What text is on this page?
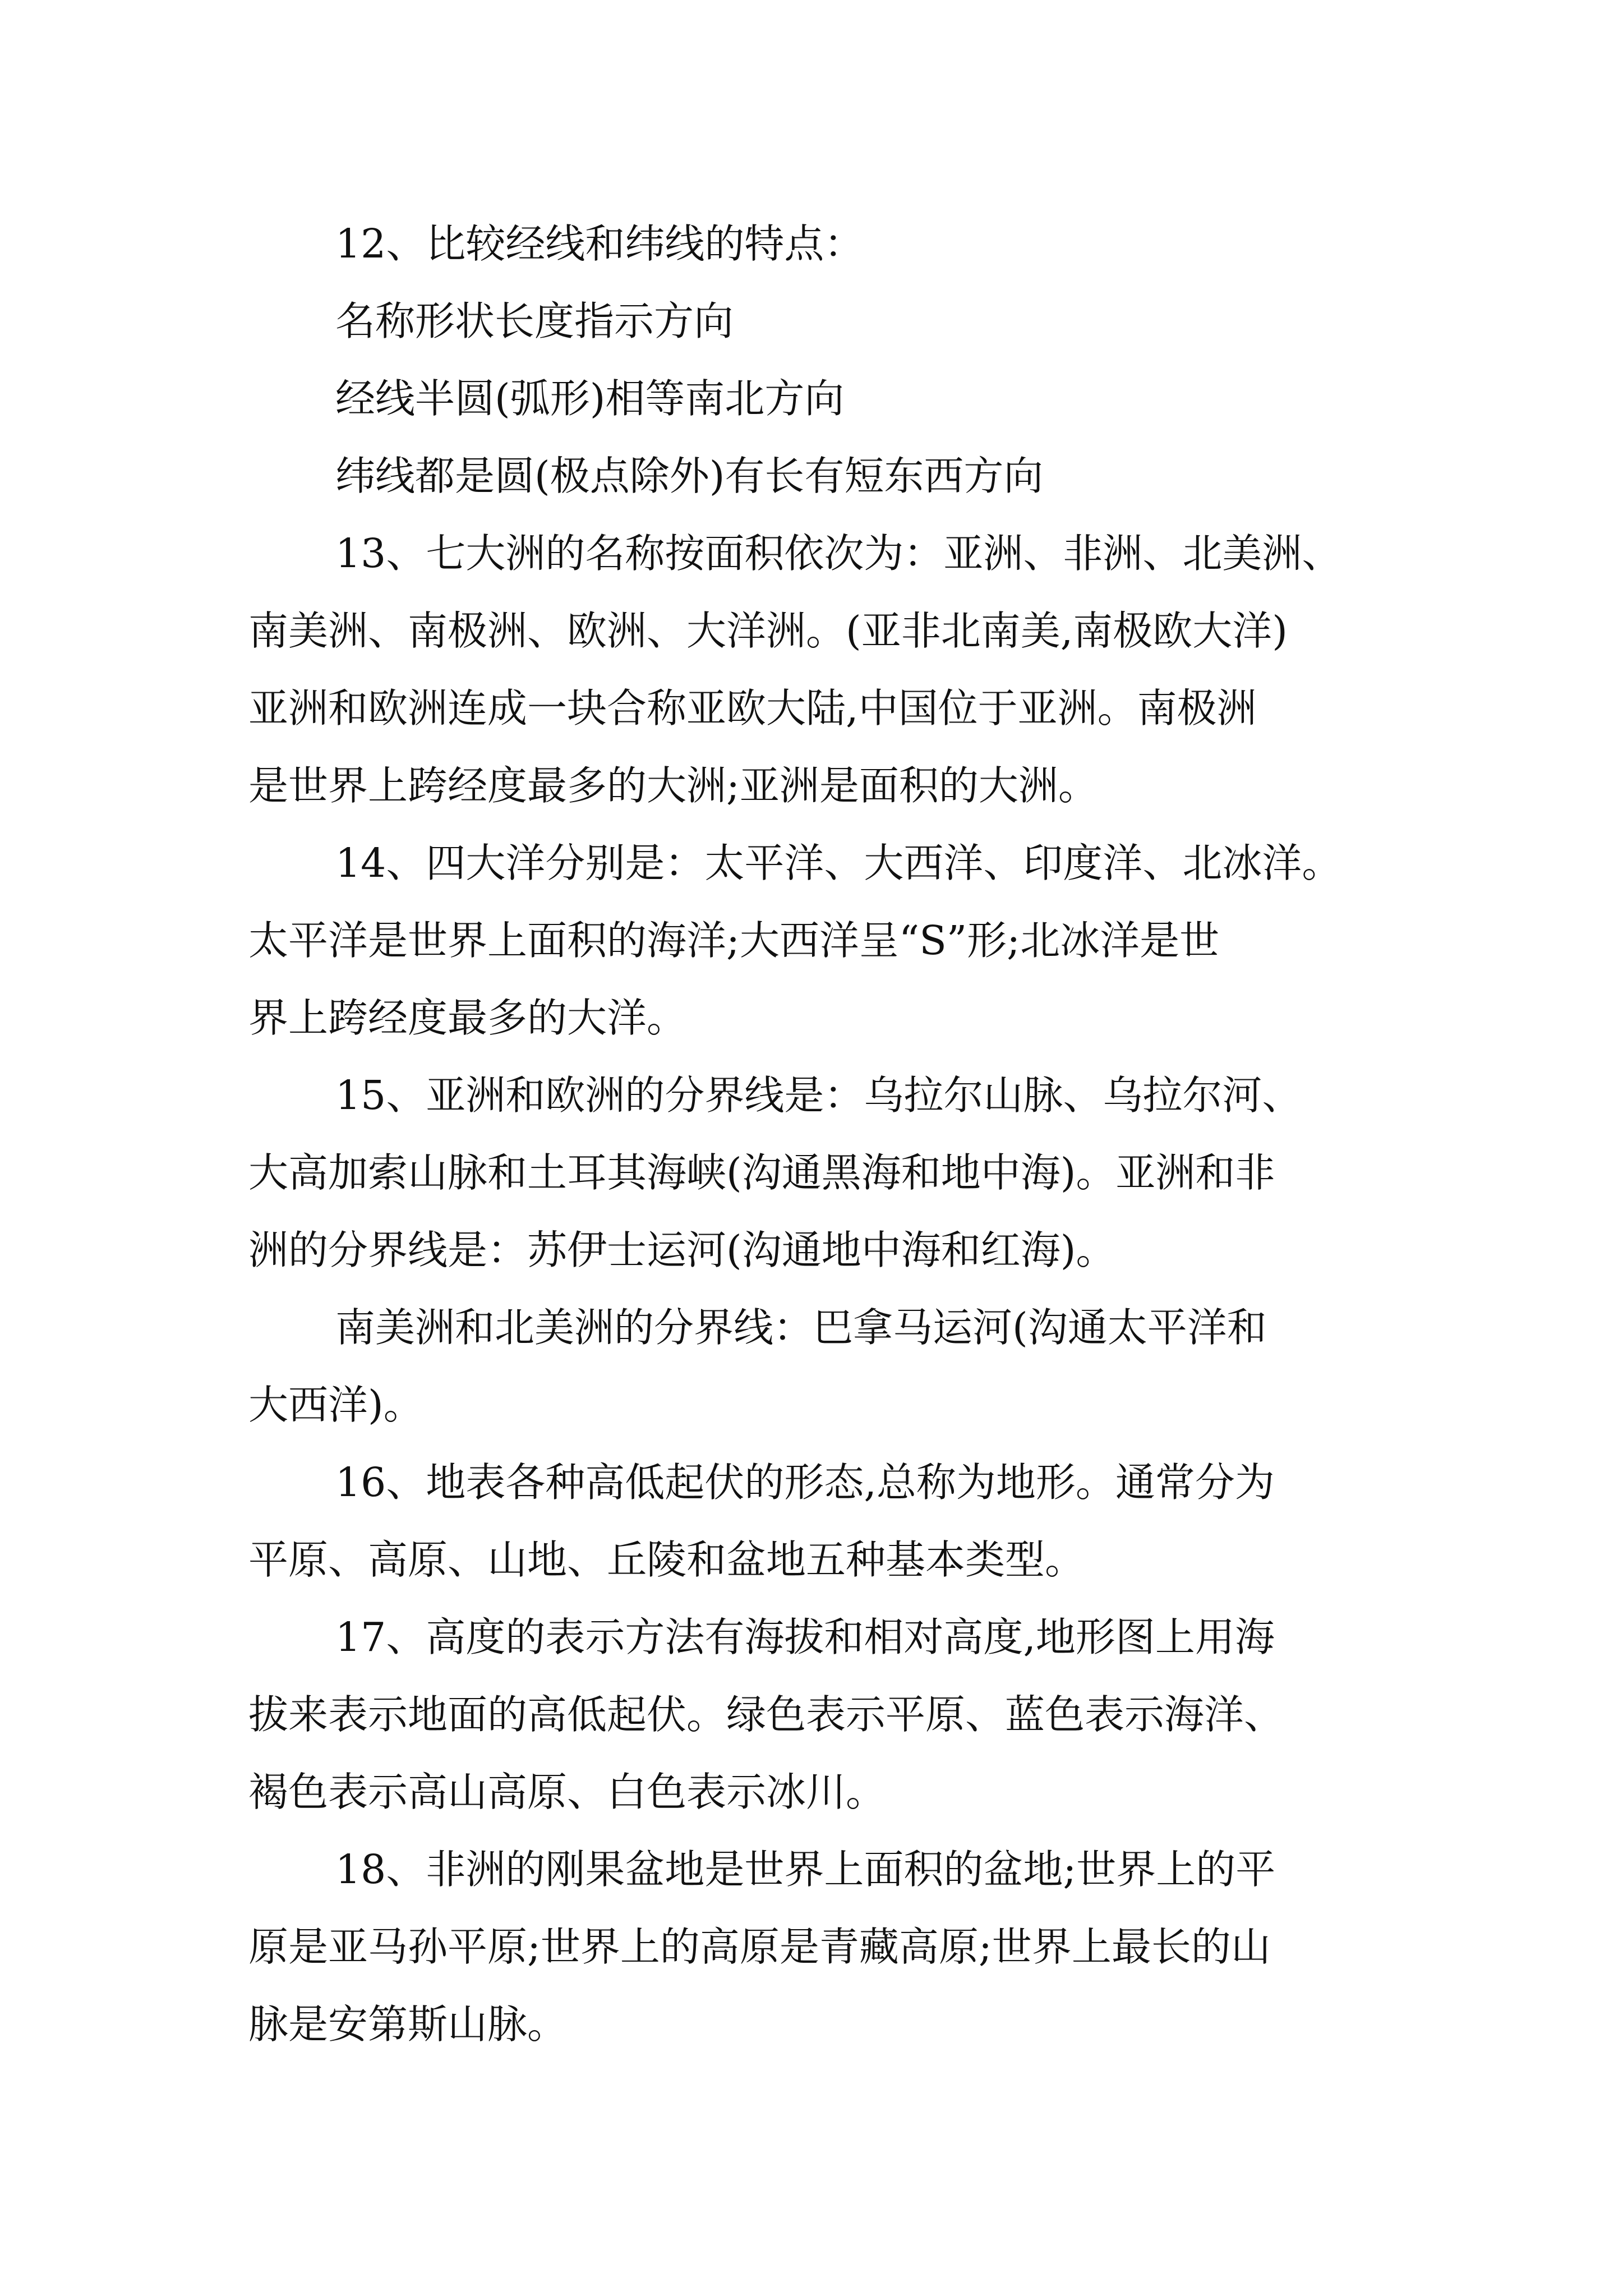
12、比较经线和纬线的特点：
名称形状长度指示方向
经线半圆(弧形)相等南北方向
纬线都是圆(极点除外)有长有短东西方向
13、七大洲的名称按面积依次为：亚洲、非洲、北美洲、
南美洲、南极洲、欧洲、大洋洲。(亚非北南美,南极欧大洋)
亚洲和欧洲连成一块合称亚欧大陆,中国位于亚洲。南极洲
是世界上跨经度最多的大洲;亚洲是面积的大洲。
14、四大洋分别是：太平洋、大西洋、印度洋、北冰洋。
太平洋是世界上面积的海洋;大西洋呈“S”形;北冰洋是世
界上跨经度最多的大洋。
15、亚洲和欧洲的分界线是：乌拉尔山脉、乌拉尔河、
大高加索山脉和土耳其海峡(沟通黑海和地中海)。亚洲和非
洲的分界线是：苏伊士运河(沟通地中海和红海)。
南美洲和北美洲的分界线：巴拿马运河(沟通太平洋和
大西洋)。
16、地表各种高低起伏的形态,总称为地形。通常分为
平原、高原、山地、丘陵和盆地五种基本类型。
17、高度的表示方法有海拔和相对高度,地形图上用海
拔来表示地面的高低起伏。绿色表示平原、蓝色表示海洋、
褐色表示高山高原、白色表示冰川。
18、非洲的刚果盆地是世界上面积的盆地;世界上的平
原是亚马孙平原;世界上的高原是青藏高原;世界上最长的山
脉是安第斯山脉。
